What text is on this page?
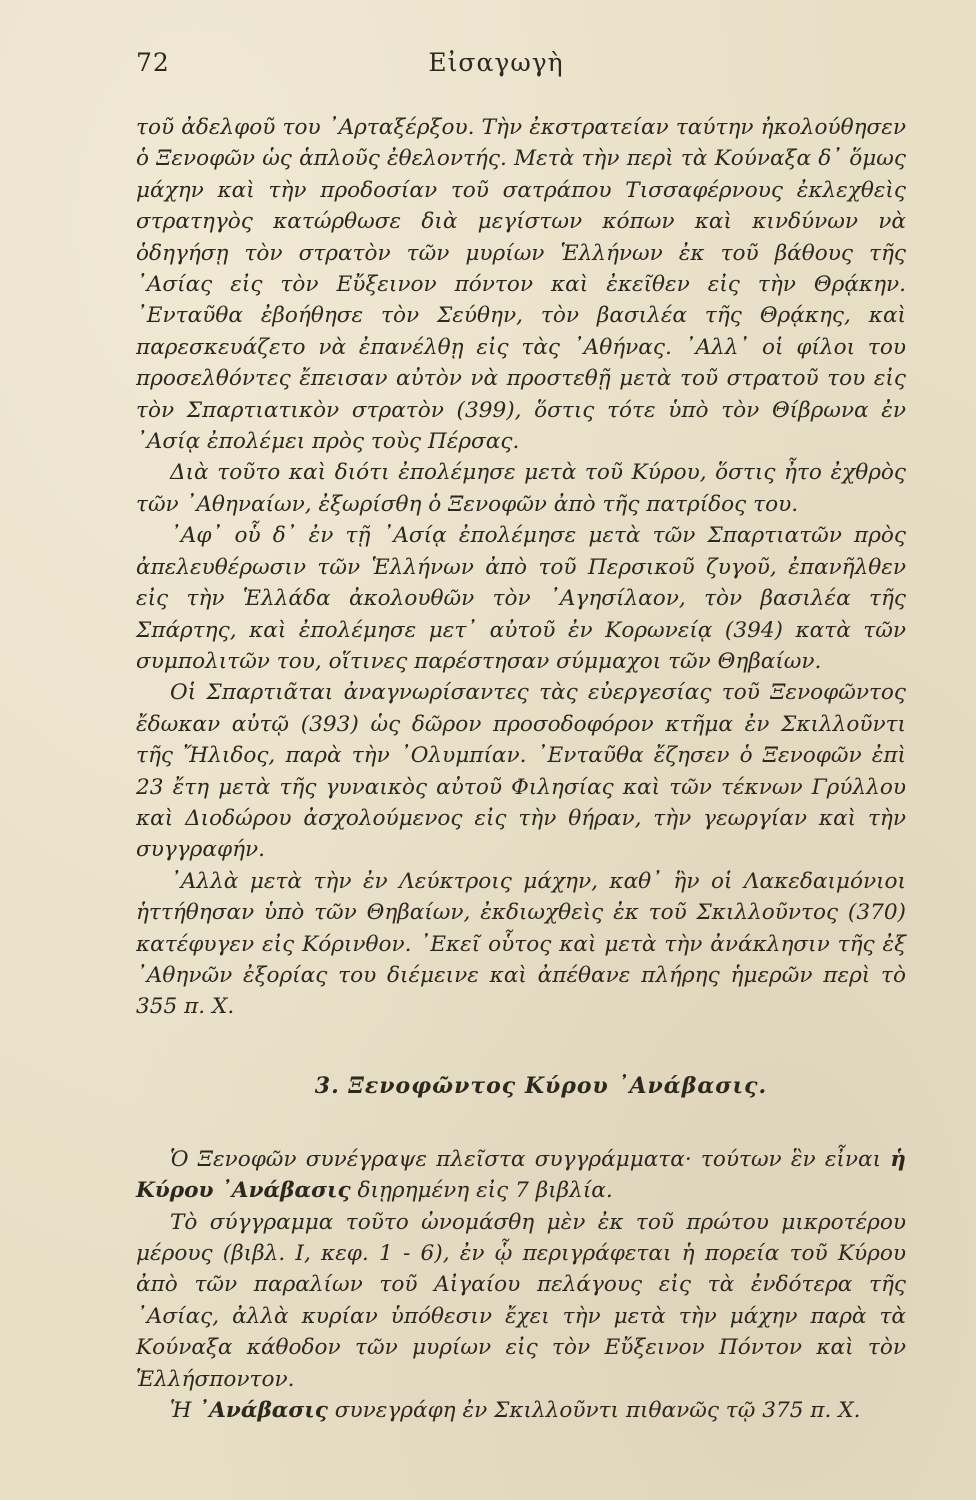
72	Εἰσαγωγὴ

τοῦ ἀδελφοῦ του ᾿Αρταξέρξου. Τὴν ἐκστρατείαν ταύτην ἠκολούθησεν ὁ Ξενοφῶν ὡς ἁπλοῦς ἐθελοντής. Μετὰ τὴν περὶ τὰ Κούναξα δ᾿ ὅμως μάχην καὶ τὴν προδοσίαν τοῦ σατράπου Τισσαφέρνους ἐκλεχθεὶς στρατηγὸς κατώρθωσε διὰ μεγίστων κόπων καὶ κινδύνων νὰ ὁδηγήσῃ τὸν στρατὸν τῶν μυρίων Ἑλλήνων ἐκ τοῦ βάθους τῆς ᾿Ασίας εἰς τὸν Εὔξεινον πόντον καὶ ἐκεῖθεν εἰς τὴν Θρᾴκην. ᾿Ενταῦθα ἐβοήθησε τὸν Σεύθην, τὸν βασιλέα τῆς Θρᾴκης, καὶ παρεσκευάζετο νὰ ἐπανέλθῃ εἰς τὰς ᾿Αθήνας. ᾿Αλλ᾿ οἱ φίλοι του προσελθόντες ἔπεισαν αὐτὸν νὰ προστεθῇ μετὰ τοῦ στρατοῦ του εἰς τὸν Σπαρτιατικὸν στρατὸν (399), ὅστις τότε ὑπὸ τὸν Θίβρωνα ἐν ᾿Ασίᾳ ἐπολέμει πρὸς τοὺς Πέρσας.

Διὰ τοῦτο καὶ διότι ἐπολέμησε μετὰ τοῦ Κύρου, ὅστις ἦτο ἐχθρὸς τῶν ᾿Αθηναίων, ἐξωρίσθη ὁ Ξενοφῶν ἀπὸ τῆς πατρίδος του.

᾿Αφ᾿ οὗ δ᾿ ἐν τῇ ᾿Ασίᾳ ἐπολέμησε μετὰ τῶν Σπαρτιατῶν πρὸς ἀπελευθέρωσιν τῶν Ἑλλήνων ἀπὸ τοῦ Περσικοῦ ζυγοῦ, ἐπανῆλθεν εἰς τὴν Ἑλλάδα ἀκολουθῶν τὸν ᾿Αγησίλαον, τὸν βασιλέα τῆς Σπάρτης, καὶ ἐπολέμησε μετ᾿ αὐτοῦ ἐν Κορωνείᾳ (394) κατὰ τῶν συμπολιτῶν του, οἵτινες παρέστησαν σύμμαχοι τῶν Θηβαίων.

Οἱ Σπαρτιᾶται ἀναγνωρίσαντες τὰς εὐεργεσίας τοῦ Ξενοφῶντος ἔδωκαν αὐτῷ (393) ὡς δῶρον προσοδοφόρον κτῆμα ἐν Σκιλλοῦντι τῆς Ἤλιδος, παρὰ τὴν ᾿Ολυμπίαν. ᾿Ενταῦθα ἔζησεν ὁ Ξενοφῶν ἐπὶ 23 ἔτη μετὰ τῆς γυναικὸς αὐτοῦ Φιλησίας καὶ τῶν τέκνων Γρύλλου καὶ Διοδώρου ἀσχολούμενος εἰς τὴν θήραν, τὴν γεωργίαν καὶ τὴν συγγραφήν.

᾿Αλλὰ μετὰ τὴν ἐν Λεύκτροις μάχην, καθ᾿ ἣν οἱ Λακεδαιμόνιοι ἡττήθησαν ὑπὸ τῶν Θηβαίων, ἐκδιωχθεὶς ἐκ τοῦ Σκιλλοῦντος (370) κατέφυγεν εἰς Κόρινθον. ᾿Εκεῖ οὗτος καὶ μετὰ τὴν ἀνάκλησιν τῆς ἐξ ᾿Αθηνῶν ἐξορίας του διέμεινε καὶ ἀπέθανε πλήρης ἡμερῶν περὶ τὸ 355 π. Χ.

3. Ξενοφῶντος Κύρου ᾿Ανάβασις.

Ὁ Ξενοφῶν συνέγραψε πλεῖστα συγγράμματα· τούτων ἓν εἶναι ἡ Κύρου ᾿Ανάβασις διῃρημένη εἰς 7 βιβλία.

Τὸ σύγγραμμα τοῦτο ὠνομάσθη μὲν ἐκ τοῦ πρώτου μικροτέρου μέρους (βιβλ. Ι, κεφ. 1 - 6), ἐν ᾧ περιγράφεται ἡ πορεία τοῦ Κύρου ἀπὸ τῶν παραλίων τοῦ Αἰγαίου πελάγους εἰς τὰ ἐνδότερα τῆς ᾿Ασίας, ἀλλὰ κυρίαν ὑπόθεσιν ἔχει τὴν μετὰ τὴν μάχην παρὰ τὰ Κούναξα κάθοδον τῶν μυρίων εἰς τὸν Εὔξεινον Πόντον καὶ τὸν Ἑλλήσποντον.

Ἡ ᾿Ανάβασις συνεγράφη ἐν Σκιλλοῦντι πιθανῶς τῷ 375 π. Χ.
